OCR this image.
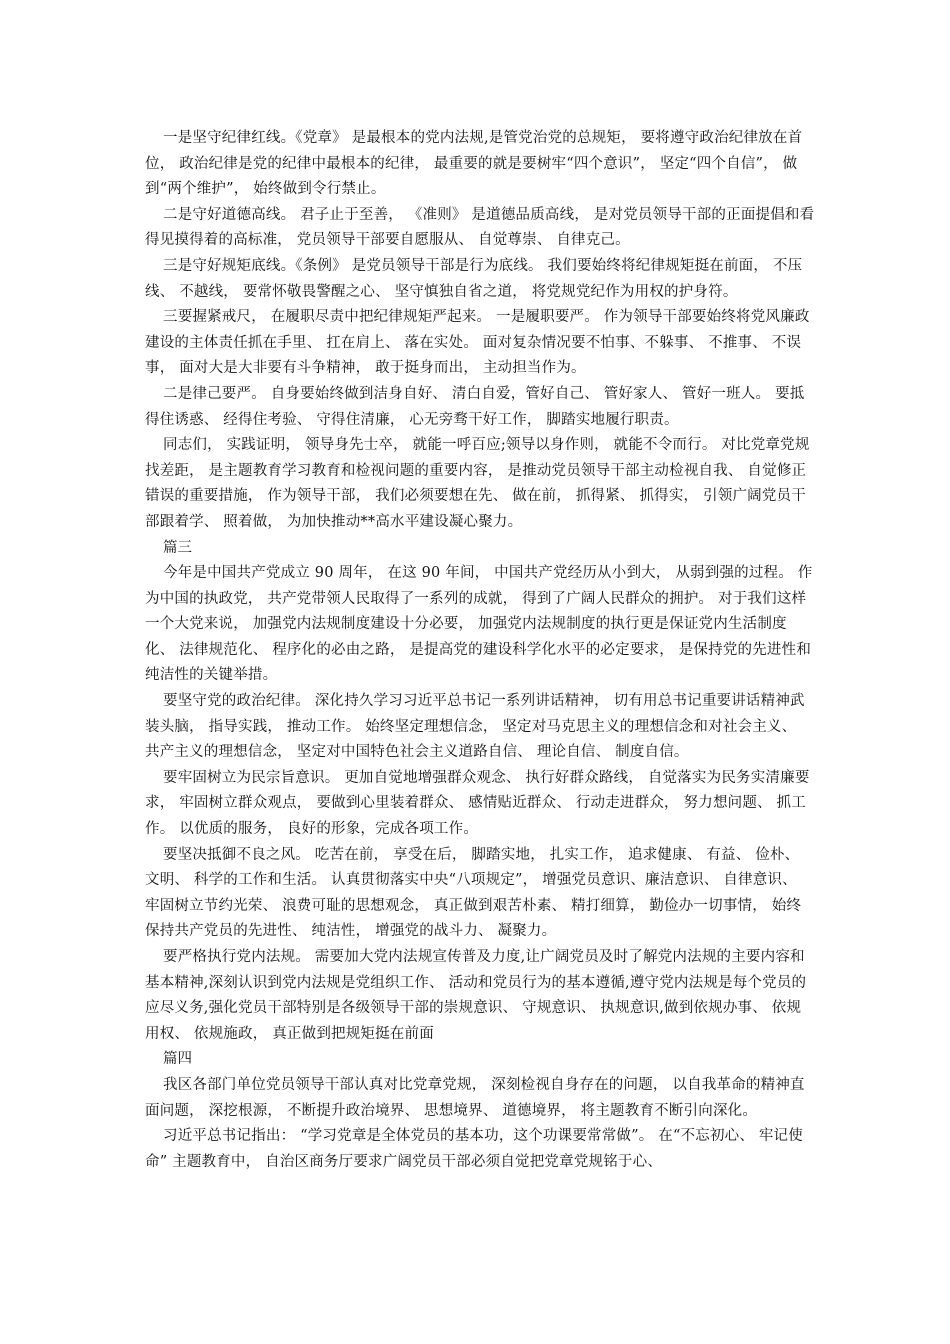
一是坚守纪律红线。《党章》 是最根本的党内法规,是管党治党的总规矩， 要将遵守政治纪律放在首位， 政治纪律是党的纪律中最根本的纪律， 最重要的就是要树牢“四个意识”， 坚定“四个自信”， 做到“两个维护”， 始终做到令行禁止。

二是守好道德高线。 君子止于至善， 《准则》 是道德品质高线， 是对党员领导干部的正面提倡和看得见摸得着的高标准， 党员领导干部要自愿服从、 自觉尊崇、 自律克己。

三是守好规矩底线。《条例》 是党员领导干部是行为底线。 我们要始终将纪律规矩挺在前面， 不压线、 不越线， 要常怀敬畏警醒之心、 坚守慎独自省之道， 将党规党纪作为用权的护身符。

三要握紧戒尺， 在履职尽责中把纪律规矩严起来。 一是履职要严。 作为领导干部要始终将党风廉政建设的主体责任抓在手里、 扛在肩上、 落在实处。 面对复杂情况要不怕事、不躲事、 不推事、 不误事， 面对大是大非要有斗争精神， 敢于挺身而出， 主动担当作为。

二是律己要严。 自身要始终做到洁身自好、 清白自爱，管好自己、 管好家人、 管好一班人。 要抵得住诱惑、 经得住考验、 守得住清廉， 心无旁骛干好工作， 脚踏实地履行职责。

同志们， 实践证明， 领导身先士卒， 就能一呼百应;领导以身作则， 就能不令而行。 对比党章党规找差距， 是主题教育学习教育和检视问题的重要内容， 是推动党员领导干部主动检视自我、 自觉修正错误的重要措施， 作为领导干部， 我们必须要想在先、 做在前， 抓得紧、 抓得实， 引领广阔党员干部跟着学、 照着做， 为加快推动**高水平建设凝心聚力。

篇三

今年是中国共产党成立 90 周年， 在这 90 年间， 中国共产党经历从小到大， 从弱到强的过程。 作为中国的执政党， 共产党带领人民取得了一系列的成就， 得到了广阔人民群众的拥护。 对于我们这样一个大党来说， 加强党内法规制度建设十分必要， 加强党内法规制度的执行更是保证党内生活制度化、 法律规范化、 程序化的必由之路， 是提高党的建设科学化水平的必定要求， 是保持党的先进性和纯洁性的关键举措。

要坚守党的政治纪律。 深化持久学习习近平总书记一系列讲话精神， 切有用总书记重要讲话精神武装头脑， 指导实践， 推动工作。 始终坚定理想信念， 坚定对马克思主义的理想信念和对社会主义、 共产主义的理想信念， 坚定对中国特色社会主义道路自信、 理论自信、 制度自信。

要牢固树立为民宗旨意识。 更加自觉地增强群众观念、 执行好群众路线， 自觉落实为民务实清廉要求， 牢固树立群众观点， 要做到心里装着群众、 感情贴近群众、 行动走进群众， 努力想问题、 抓工作。 以优质的服务， 良好的形象，完成各项工作。

要坚决抵御不良之风。 吃苦在前， 享受在后， 脚踏实地， 扎实工作， 追求健康、 有益、 俭朴、 文明、 科学的工作和生活。 认真贯彻落实中央“八项规定”， 增强党员意识、廉洁意识、 自律意识、 牢固树立节约光荣、 浪费可耻的思想观念， 真正做到艰苦朴素、 精打细算， 勤俭办一切事情， 始终保持共产党员的先进性、 纯洁性， 增强党的战斗力、 凝聚力。

要严格执行党内法规。 需要加大党内法规宣传普及力度,让广阔党员及时了解党内法规的主要内容和基本精神,深刻认识到党内法规是党组织工作、 活动和党员行为的基本遵循,遵守党内法规是每个党员的应尽义务,强化党员干部特别是各级领导干部的崇规意识、 守规意识、 执规意识,做到依规办事、 依规用权、 依规施政， 真正做到把规矩挺在前面

篇四

我区各部门单位党员领导干部认真对比党章党规， 深刻检视自身存在的问题， 以自我革命的精神直面问题， 深挖根源， 不断提升政治境界、 思想境界、 道德境界， 将主题教育不断引向深化。

习近平总书记指出： “学习党章是全体党员的基本功，这个功课要常常做”。 在“不忘初心、 牢记使命” 主题教育中， 自治区商务厅要求广阔党员干部必须自觉把党章党规铭于心、
